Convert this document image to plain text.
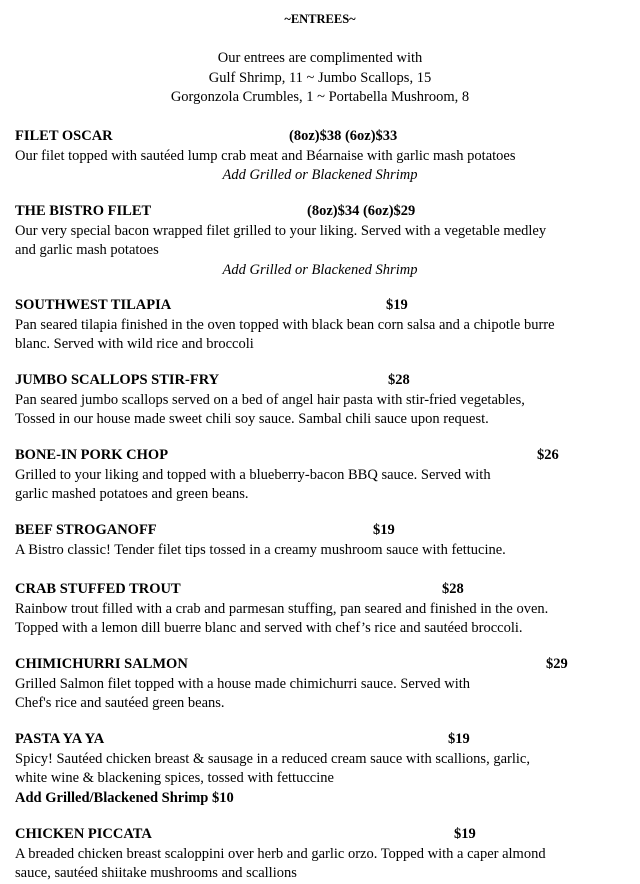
~ENTREES~
Our entrees are complimented with
Gulf Shrimp, 11 ~ Jumbo Scallops, 15
Gorgonzola Crumbles, 1 ~ Portabella Mushroom, 8
FILET OSCAR	(8oz)$38 (6oz)$33
Our filet topped with sautéed lump crab meat and Béarnaise with garlic mash potatoes
Add Grilled or Blackened Shrimp
THE BISTRO FILET	(8oz)$34 (6oz)$29
Our very special bacon wrapped filet grilled to your liking. Served with a vegetable medley
and garlic mash potatoes
Add Grilled or Blackened Shrimp
SOUTHWEST TILAPIA	$19
Pan seared tilapia finished in the oven topped with black bean corn salsa and a chipotle burre
blanc. Served with wild rice and broccoli
JUMBO SCALLOPS STIR-FRY	$28
Pan seared jumbo scallops served on a bed of angel hair pasta with stir-fried vegetables,
Tossed in our house made sweet chili soy sauce. Sambal chili sauce upon request.
BONE-IN PORK CHOP	$26
Grilled to your liking and topped with a blueberry-bacon BBQ sauce. Served with
garlic mashed potatoes and green beans.
BEEF STROGANOFF	$19
A Bistro classic! Tender filet tips tossed in a creamy mushroom sauce with fettucine.
CRAB STUFFED TROUT	$28
Rainbow trout filled with a crab and parmesan stuffing, pan seared and finished in the oven.
Topped with a lemon dill buerre blanc and served with chef’s rice and sautéed broccoli.
CHIMICHURRI SALMON	$29
Grilled Salmon filet topped with a house made chimichurri sauce. Served with
Chef's rice and sautéed green beans.
PASTA YA YA	$19
Spicy! Sautéed chicken breast & sausage in a reduced cream sauce with scallions, garlic,
white wine & blackening spices, tossed with fettuccine
Add Grilled/Blackened Shrimp $10
CHICKEN PICCATA	$19
A breaded chicken breast scaloppini over herb and garlic orzo. Topped with a caper almond
sauce, sautéed shiitake mushrooms and scallions
